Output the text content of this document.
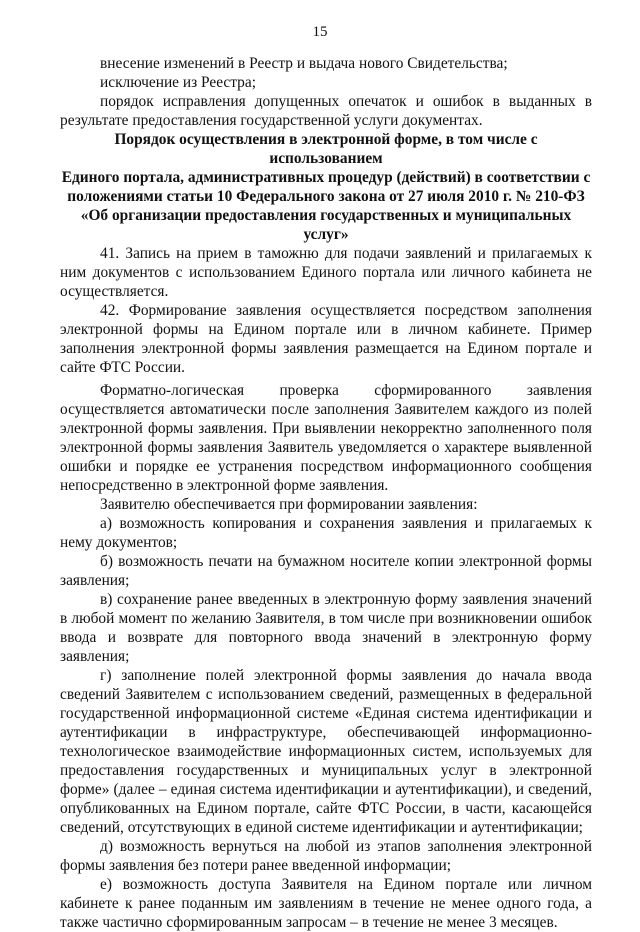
15

внесение изменений в Реестр и выдача нового Свидетельства;

исключение из Реестра;

порядок исправления допущенных опечаток и ошибок в выданных в результате предоставления государственной услуги документах.

Порядок осуществления в электронной форме, в том числе с использованием
Единого портала, административных процедур (действий) в соответствии с
положениями статьи 10 Федерального закона от 27 июля 2010 г. № 210-ФЗ
«Об организации предоставления государственных и муниципальных услуг»

41. Запись на прием в таможню для подачи заявлений и прилагаемых к ним документов с использованием Единого портала или личного кабинета не осуществляется.

42. Формирование заявления осуществляется посредством заполнения электронной формы на Едином портале или в личном кабинете. Пример заполнения электронной формы заявления размещается на Едином портале и сайте ФТС России.

Форматно-логическая проверка сформированного заявления осуществляется автоматически после заполнения Заявителем каждого из полей электронной формы заявления. При выявлении некорректно заполненного поля электронной формы заявления Заявитель уведомляется о характере выявленной ошибки и порядке ее устранения посредством информационного сообщения непосредственно в электронной форме заявления.

Заявителю обеспечивается при формировании заявления:

а) возможность копирования и сохранения заявления и прилагаемых к нему документов;

б) возможность печати на бумажном носителе копии электронной формы заявления;

в) сохранение ранее введенных в электронную форму заявления значений в любой момент по желанию Заявителя, в том числе при возникновении ошибок ввода и возврате для повторного ввода значений в электронную форму заявления;

г) заполнение полей электронной формы заявления до начала ввода сведений Заявителем с использованием сведений, размещенных в федеральной государственной информационной системе «Единая система идентификации и аутентификации в инфраструктуре, обеспечивающей информационно-технологическое взаимодействие информационных систем, используемых для предоставления государственных и муниципальных услуг в электронной форме» (далее – единая система идентификации и аутентификации), и сведений, опубликованных на Едином портале, сайте ФТС России, в части, касающейся сведений, отсутствующих в единой системе идентификации и аутентификации;

д) возможность вернуться на любой из этапов заполнения электронной формы заявления без потери ранее введенной информации;

е) возможность доступа Заявителя на Едином портале или личном кабинете к ранее поданным им заявлениям в течение не менее одного года, а также частично сформированным запросам – в течение не менее 3 месяцев.
